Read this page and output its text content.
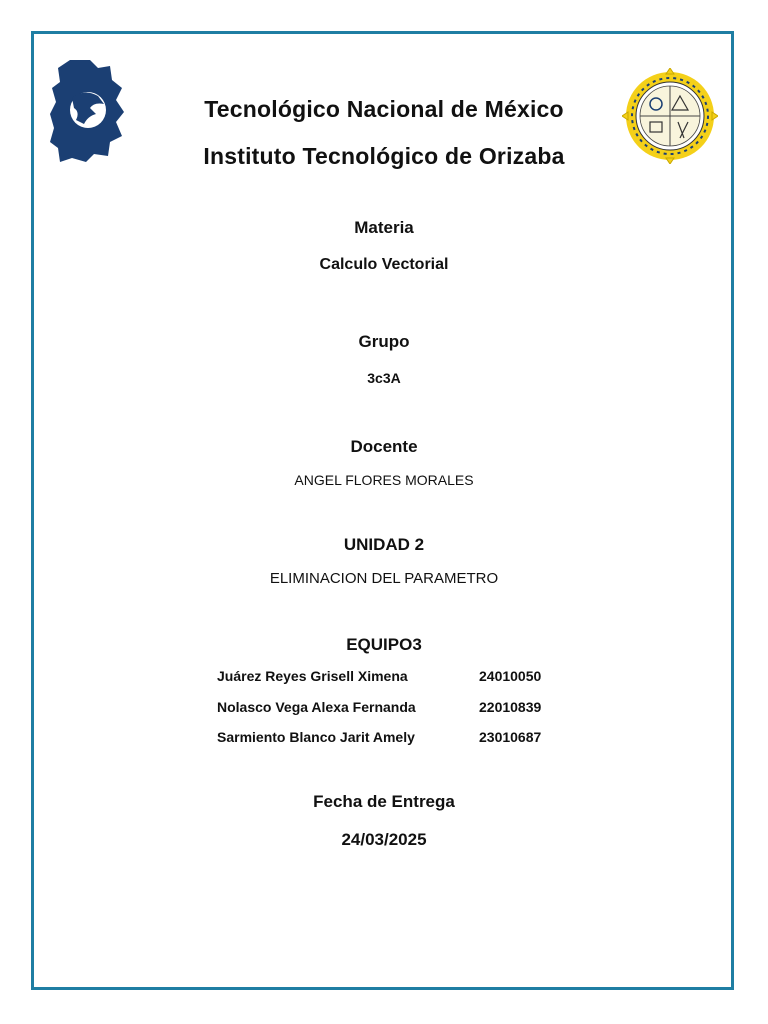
Tecnológico Nacional de México
Instituto Tecnológico de Orizaba
Materia
Calculo Vectorial
Grupo
3c3A
Docente
ANGEL FLORES MORALES
UNIDAD 2
ELIMINACION DEL PARAMETRO
EQUIPO3
Juárez Reyes Grisell Ximena	24010050
Nolasco Vega Alexa Fernanda	22010839
Sarmiento Blanco Jarit Amely	23010687
Fecha de Entrega
24/03/2025
